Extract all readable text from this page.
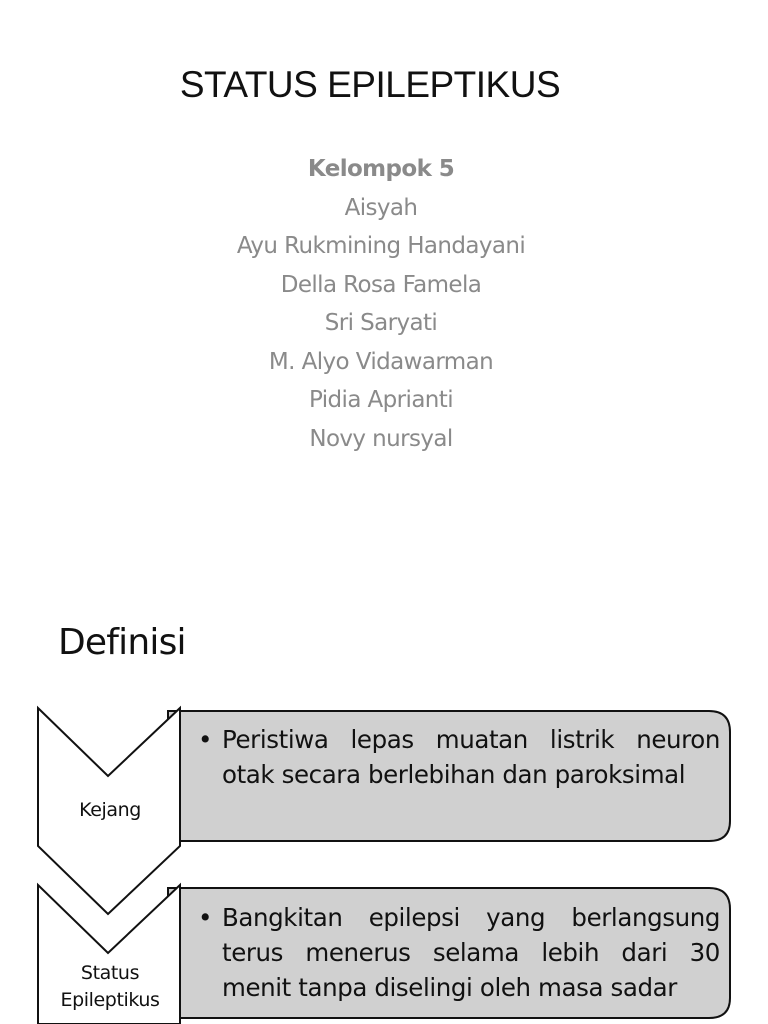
STATUS EPILEPTIKUS
Kelompok 5
Aisyah
Ayu Rukmining Handayani
Della Rosa Famela
Sri Saryati
M. Alyo Vidawarman
Pidia Aprianti
Novy nursyal
Definisi
Kejang
Status
Epileptikus
• Peristiwa lepas muatan listrik neuron otak secara berlebihan dan paroksimal
• Bangkitan epilepsi yang berlangsung terus menerus selama lebih dari 30 menit tanpa diselingi oleh masa sadar
